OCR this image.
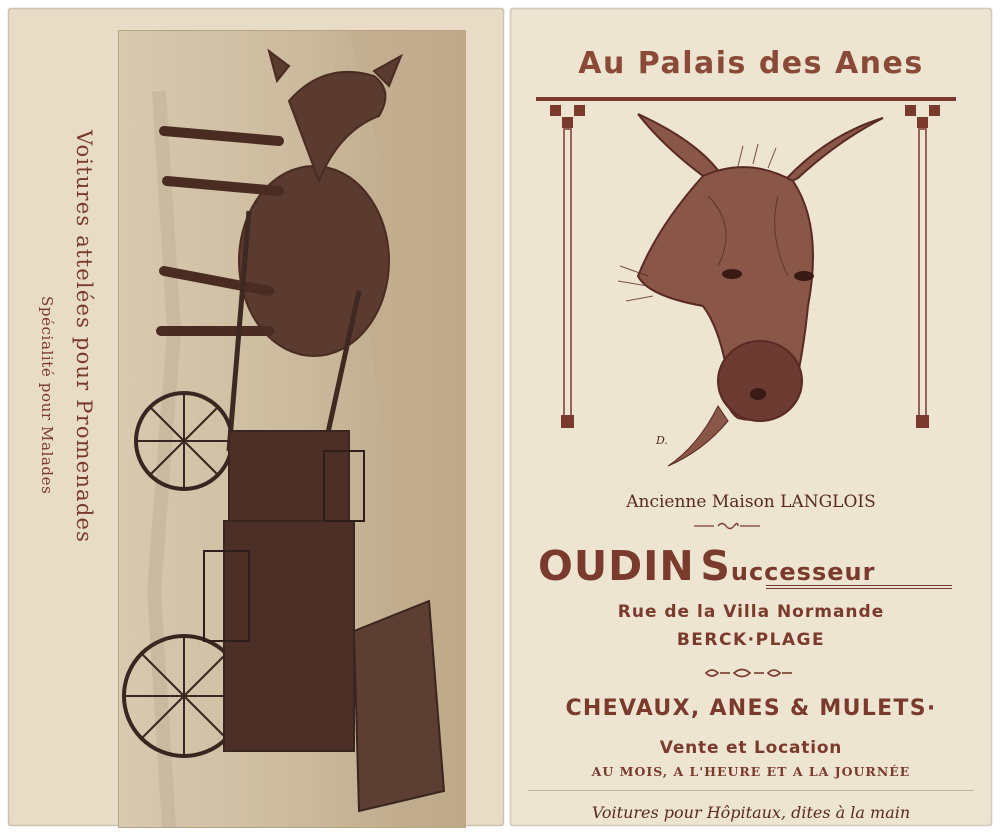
Voitures attelées pour Promenades
Spécialité pour Malades
Au Palais des Anes
D.
Ancienne Maison LANGLOIS
OUDIN Successeur
Rue de la Villa Normande
BERCK·PLAGE
CHEVAUX, ANES & MULETS·
Vente et Location
AU MOIS, A L'HEURE ET A LA JOURNÉE
Voitures pour Hôpitaux, dites à la main
